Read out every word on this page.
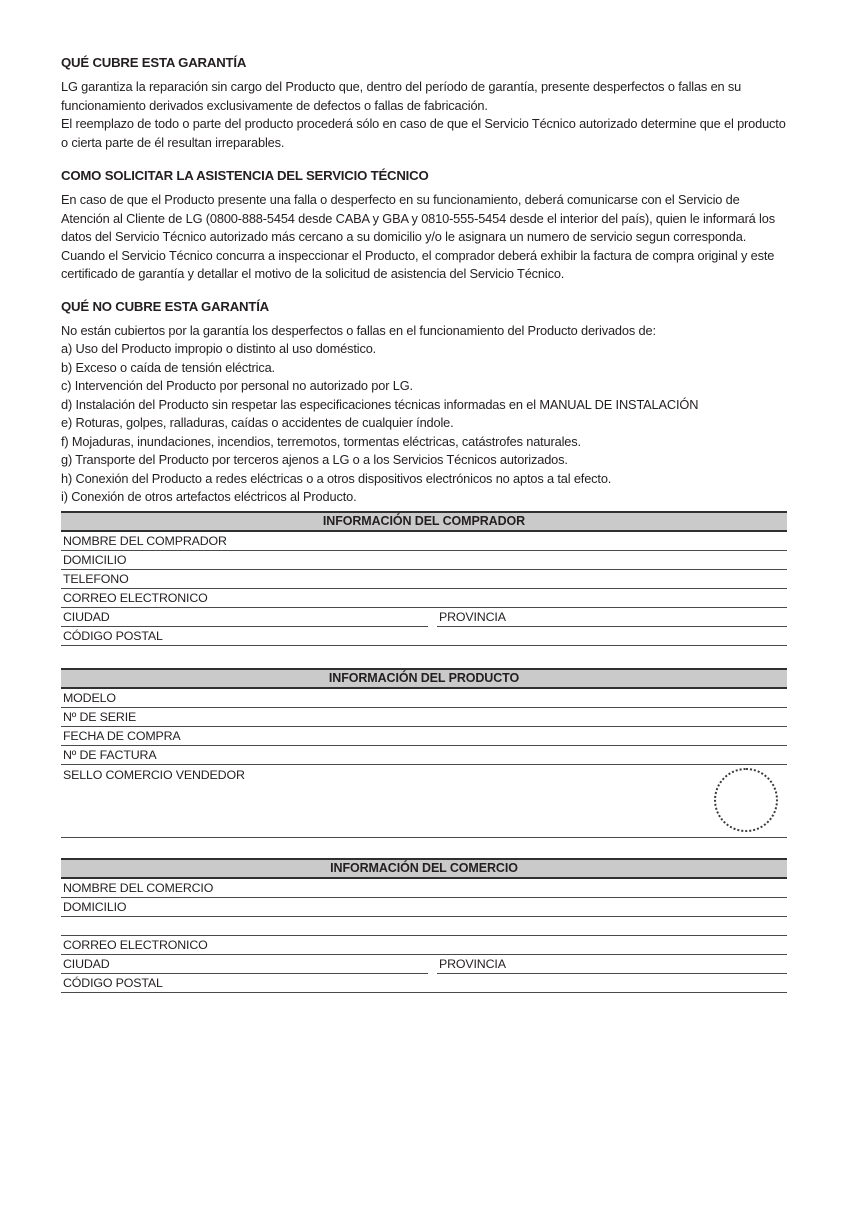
QUÉ CUBRE ESTA GARANTÍA

LG garantiza la reparación sin cargo del Producto que, dentro del período de garantía, presente desperfectos o fallas en su funcionamiento derivados exclusivamente de defectos o fallas de fabricación.

El reemplazo de todo o parte del producto procederá sólo en caso de que el Servicio Técnico autorizado determine que el producto o cierta parte de él resultan irreparables.

COMO SOLICITAR LA ASISTENCIA DEL SERVICIO TÉCNICO

En caso de que el Producto presente una falla o desperfecto en su funcionamiento, deberá comunicarse con el Servicio de Atención al Cliente de LG (0800-888-5454 desde CABA y GBA y 0810-555-5454 desde el interior del país), quien le informará los datos del Servicio Técnico autorizado más cercano a su domicilio y/o le asignara un numero de servicio segun corresponda.

Cuando el Servicio Técnico concurra a inspeccionar el Producto, el comprador deberá exhibir la factura de compra original y este certificado de garantía y detallar el motivo de la solicitud de asistencia del Servicio Técnico.

QUÉ NO CUBRE ESTA GARANTÍA

No están cubiertos por la garantía los desperfectos o fallas en el funcionamiento del Producto derivados de:

a) Uso del Producto impropio o distinto al uso doméstico.
b) Exceso o caída de tensión eléctrica.
c) Intervención del Producto por personal no autorizado por LG.
d) Instalación del Producto sin respetar las especificaciones técnicas informadas en el MANUAL DE INSTALACIÓN
e) Roturas, golpes, ralladuras, caídas o accidentes de cualquier índole.
f) Mojaduras, inundaciones, incendios, terremotos, tormentas eléctricas, catástrofes naturales.
g) Transporte del Producto por terceros ajenos a LG o a los Servicios Técnicos autorizados.
h) Conexión del Producto a redes eléctricas o a otros dispositivos electrónicos no aptos a tal efecto.
i) Conexión de otros artefactos eléctricos al Producto.
INFORMACIÓN DEL COMPRADOR
NOMBRE DEL COMPRADOR
DOMICILIO
TELEFONO
CORREO ELECTRONICO
CIUDAD	PROVINCIA
CÓDIGO POSTAL
INFORMACIÓN DEL PRODUCTO
MODELO
Nº DE SERIE
FECHA DE COMPRA
Nº DE FACTURA
SELLO COMERCIO VENDEDOR
INFORMACIÓN DEL COMERCIO
NOMBRE DEL COMERCIO
DOMICILIO
CORREO ELECTRONICO
CIUDAD	PROVINCIA
CÓDIGO POSTAL
